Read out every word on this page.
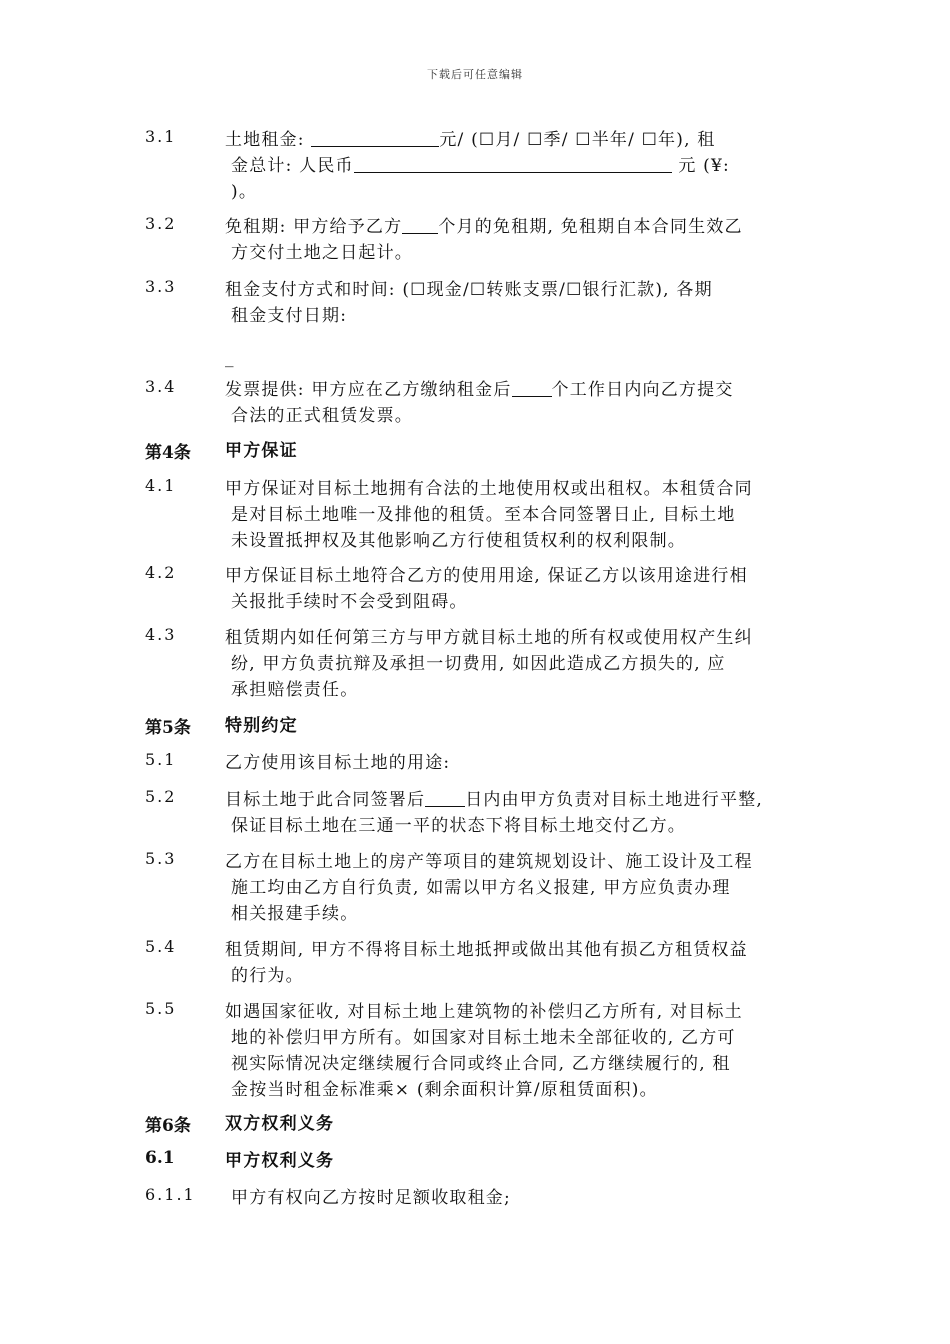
下载后可任意编辑
3.1	土地租金:	元/ (☐月/ ☐季/ ☐半年/ ☐年), 租
金总计: 人民币	元 (¥:
)。
3.2	免租期: 甲方给予乙方 个月的免租期, 免租期自本合同生效乙
方交付土地之日起计。
3.3	租金支付方式和时间: (☐现金/☐转账支票/☐银行汇款), 各期
租金支付日期:
_
3.4	发票提供: 甲方应在乙方缴纳租金后 个工作日内向乙方提交
合法的正式租赁发票。
第4条 甲方保证
4.1	甲方保证对目标土地拥有合法的土地使用权或出租权。本租赁合同
是对目标土地唯一及排他的租赁。至本合同签署日止, 目标土地
未设置抵押权及其他影响乙方行使租赁权利的权利限制。
4.2	甲方保证目标土地符合乙方的使用用途, 保证乙方以该用途进行相
关报批手续时不会受到阻碍。
4.3	租赁期内如任何第三方与甲方就目标土地的所有权或使用权产生纠
纷, 甲方负责抗辩及承担一切费用, 如因此造成乙方损失的, 应
承担赔偿责任。
第5条 特别约定
5.1	乙方使用该目标土地的用途:
5.2	目标土地于此合同签署后 日内由甲方负责对目标土地进行平整,
保证目标土地在三通一平的状态下将目标土地交付乙方。
5.3	乙方在目标土地上的房产等项目的建筑规划设计、施工设计及工程
施工均由乙方自行负责, 如需以甲方名义报建, 甲方应负责办理
相关报建手续。
5.4	租赁期间, 甲方不得将目标土地抵押或做出其他有损乙方租赁权益
的行为。
5.5	如遇国家征收, 对目标土地上建筑物的补偿归乙方所有, 对目标土
地的补偿归甲方所有。如国家对目标土地未全部征收的, 乙方可
视实际情况决定继续履行合同或终止合同, 乙方继续履行的, 租
金按当时租金标准乘× (剩余面积计算/原租赁面积)。
第6条 双方权利义务
6.1	甲方权利义务
6.1.1 甲方有权向乙方按时足额收取租金;
